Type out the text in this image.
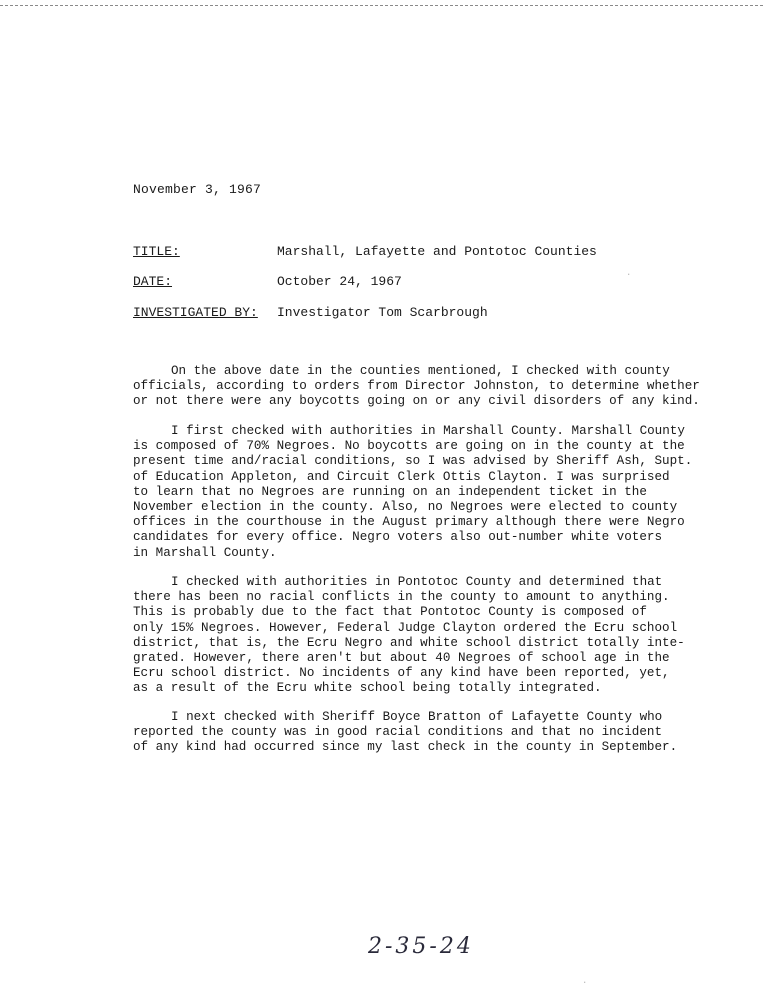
November 3, 1967
TITLE:	Marshall, Lafayette and Pontotoc Counties
DATE:	October 24, 1967
INVESTIGATED BY: Investigator Tom Scarbrough
On the above date in the counties mentioned, I checked with county
officials, according to orders from Director Johnston, to determine whether
or not there were any boycotts going on or any civil disorders of any kind.
I first checked with authorities in Marshall County. Marshall County
is composed of 70% Negroes. No boycotts are going on in the county at the
present time and/racial conditions, so I was advised by Sheriff Ash, Supt.
of Education Appleton, and Circuit Clerk Ottis Clayton. I was surprised
to learn that no Negroes are running on an independent ticket in the
November election in the county. Also, no Negroes were elected to county
offices in the courthouse in the August primary although there were Negro
candidates for every office. Negro voters also out-number white voters
in Marshall County.
I checked with authorities in Pontotoc County and determined that
there has been no racial conflicts in the county to amount to anything.
This is probably due to the fact that Pontotoc County is composed of
only 15% Negroes. However, Federal Judge Clayton ordered the Ecru school
district, that is, the Ecru Negro and white school district totally inte-
grated. However, there aren't but about 40 Negroes of school age in the
Ecru school district. No incidents of any kind have been reported, yet,
as a result of the Ecru white school being totally integrated.
I next checked with Sheriff Boyce Bratton of Lafayette County who
reported the county was in good racial conditions and that no incident
of any kind had occurred since my last check in the county in September.
2-35-24
·
·
